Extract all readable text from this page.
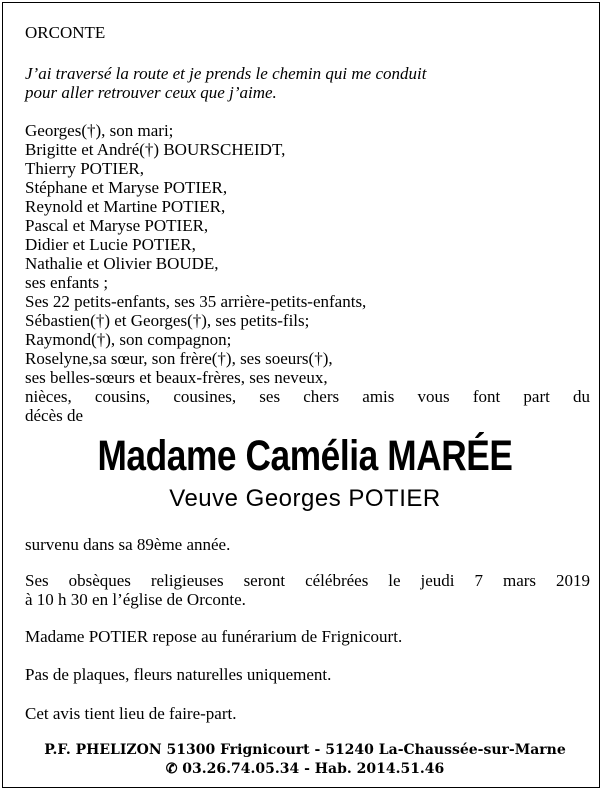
ORCONTE

J’ai traversé la route et je prends le chemin qui me conduit
pour aller retrouver ceux que j’aime.
Georges(†), son mari;
Brigitte et André(†) BOURSCHEIDT,
Thierry POTIER,
Stéphane et Maryse POTIER,
Reynold et Martine POTIER,
Pascal et Maryse POTIER,
Didier et Lucie POTIER,
Nathalie et Olivier BOUDE,
ses enfants ;
Ses 22 petits-enfants, ses 35 arrière-petits-enfants,
Sébastien(†) et Georges(†), ses petits-fils;
Raymond(†), son compagnon;
Roselyne,sa sœur, son frère(†), ses soeurs(†),
ses belles-sœurs et beaux-frères, ses neveux,
nièces, cousins, cousines, ses chers amis vous font part du
décès de
Madame Camélia MARÉE
Veuve Georges POTIER

survenu dans sa 89ème année.

Ses obsèques religieuses seront célébrées le jeudi 7 mars 2019
à 10 h 30 en l’église de Orconte.

Madame POTIER repose au funérarium de Frignicourt.

Pas de plaques, fleurs naturelles uniquement.

Cet avis tient lieu de faire-part.

P.F. PHELIZON 51300 Frignicourt - 51240 La-Chaussée-sur-Marne
✆ 03.26.74.05.34 - Hab. 2014.51.46
